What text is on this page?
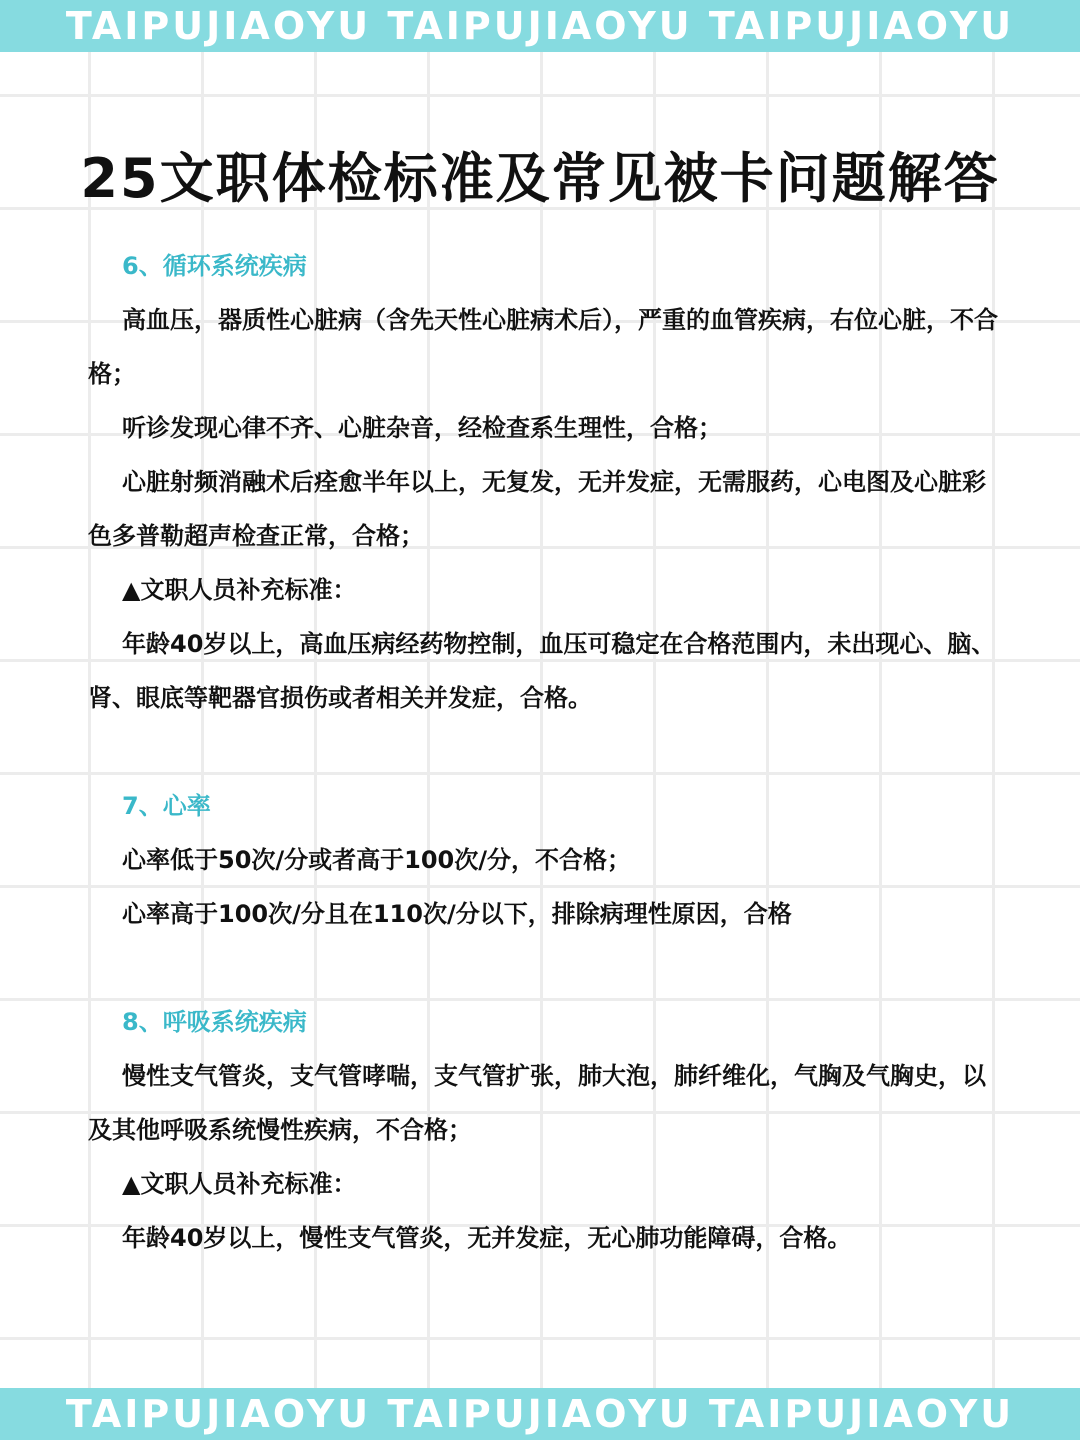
TAIPUJIAOYU TAIPUJIAOYU TAIPUJIAOYU
25文职体检标准及常见被卡问题解答

6、循环系统疾病

高血压，器质性心脏病（含先天性心脏病术后），严重的血管疾病，右位心脏，不合格；

听诊发现心律不齐、心脏杂音，经检查系生理性，合格；

心脏射频消融术后痊愈半年以上，无复发，无并发症，无需服药，心电图及心脏彩色多普勒超声检查正常，合格；

▲文职人员补充标准：

年龄40岁以上，高血压病经药物控制，血压可稳定在合格范围内，未出现心、脑、肾、眼底等靶器官损伤或者相关并发症，合格。

7、心率

心率低于50次/分或者高于100次/分，不合格；

心率高于100次/分且在110次/分以下，排除病理性原因，合格

8、呼吸系统疾病

慢性支气管炎，支气管哮喘，支气管扩张，肺大泡，肺纤维化，气胸及气胸史，以及其他呼吸系统慢性疾病，不合格；

▲文职人员补充标准：

年龄40岁以上，慢性支气管炎，无并发症，无心肺功能障碍，合格。

TAIPUJIAOYU TAIPUJIAOYU TAIPUJIAOYU
